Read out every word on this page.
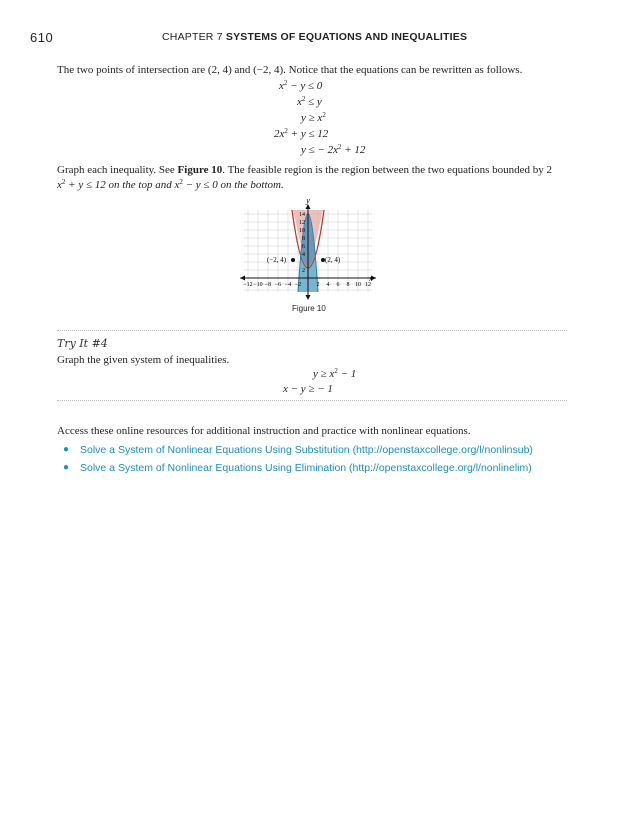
610	CHAPTER 7 SYSTEMS OF EQUATIONS AND INEQUALITIES
The two points of intersection are (2, 4) and (−2, 4). Notice that the equations can be rewritten as follows.
$x^2 - y \le 0$
$x^2 \le y$
$y \ge x^2$
$2x^2 + y \le 12$
y ≤ − $2x^2 + 12$
Graph each inequality. See Figure 10. The feasible region is the region between the two equations bounded by 2
$x^2 + y \le 12$ on the top and $x^2 - y \le 0$ on the bottom.
y
x
(−2, 4)	(2, 4)
−12 −10 −8 −6 −4 −2	2 4 6 8 10 12
14
12
10
8
6
4
2
Figure 10
Try It #4
Graph the given system of inequalities.
$y \ge x^2 - 1$
x − y ≥ − 1
Access these online resources for additional instruction and practice with nonlinear equations.
● Solve a System of Nonlinear Equations Using Substitution (http://openstaxcollege.org/l/nonlinsub)
● Solve a System of Nonlinear Equations Using Elimination (http://openstaxcollege.org/l/nonlinelim)
